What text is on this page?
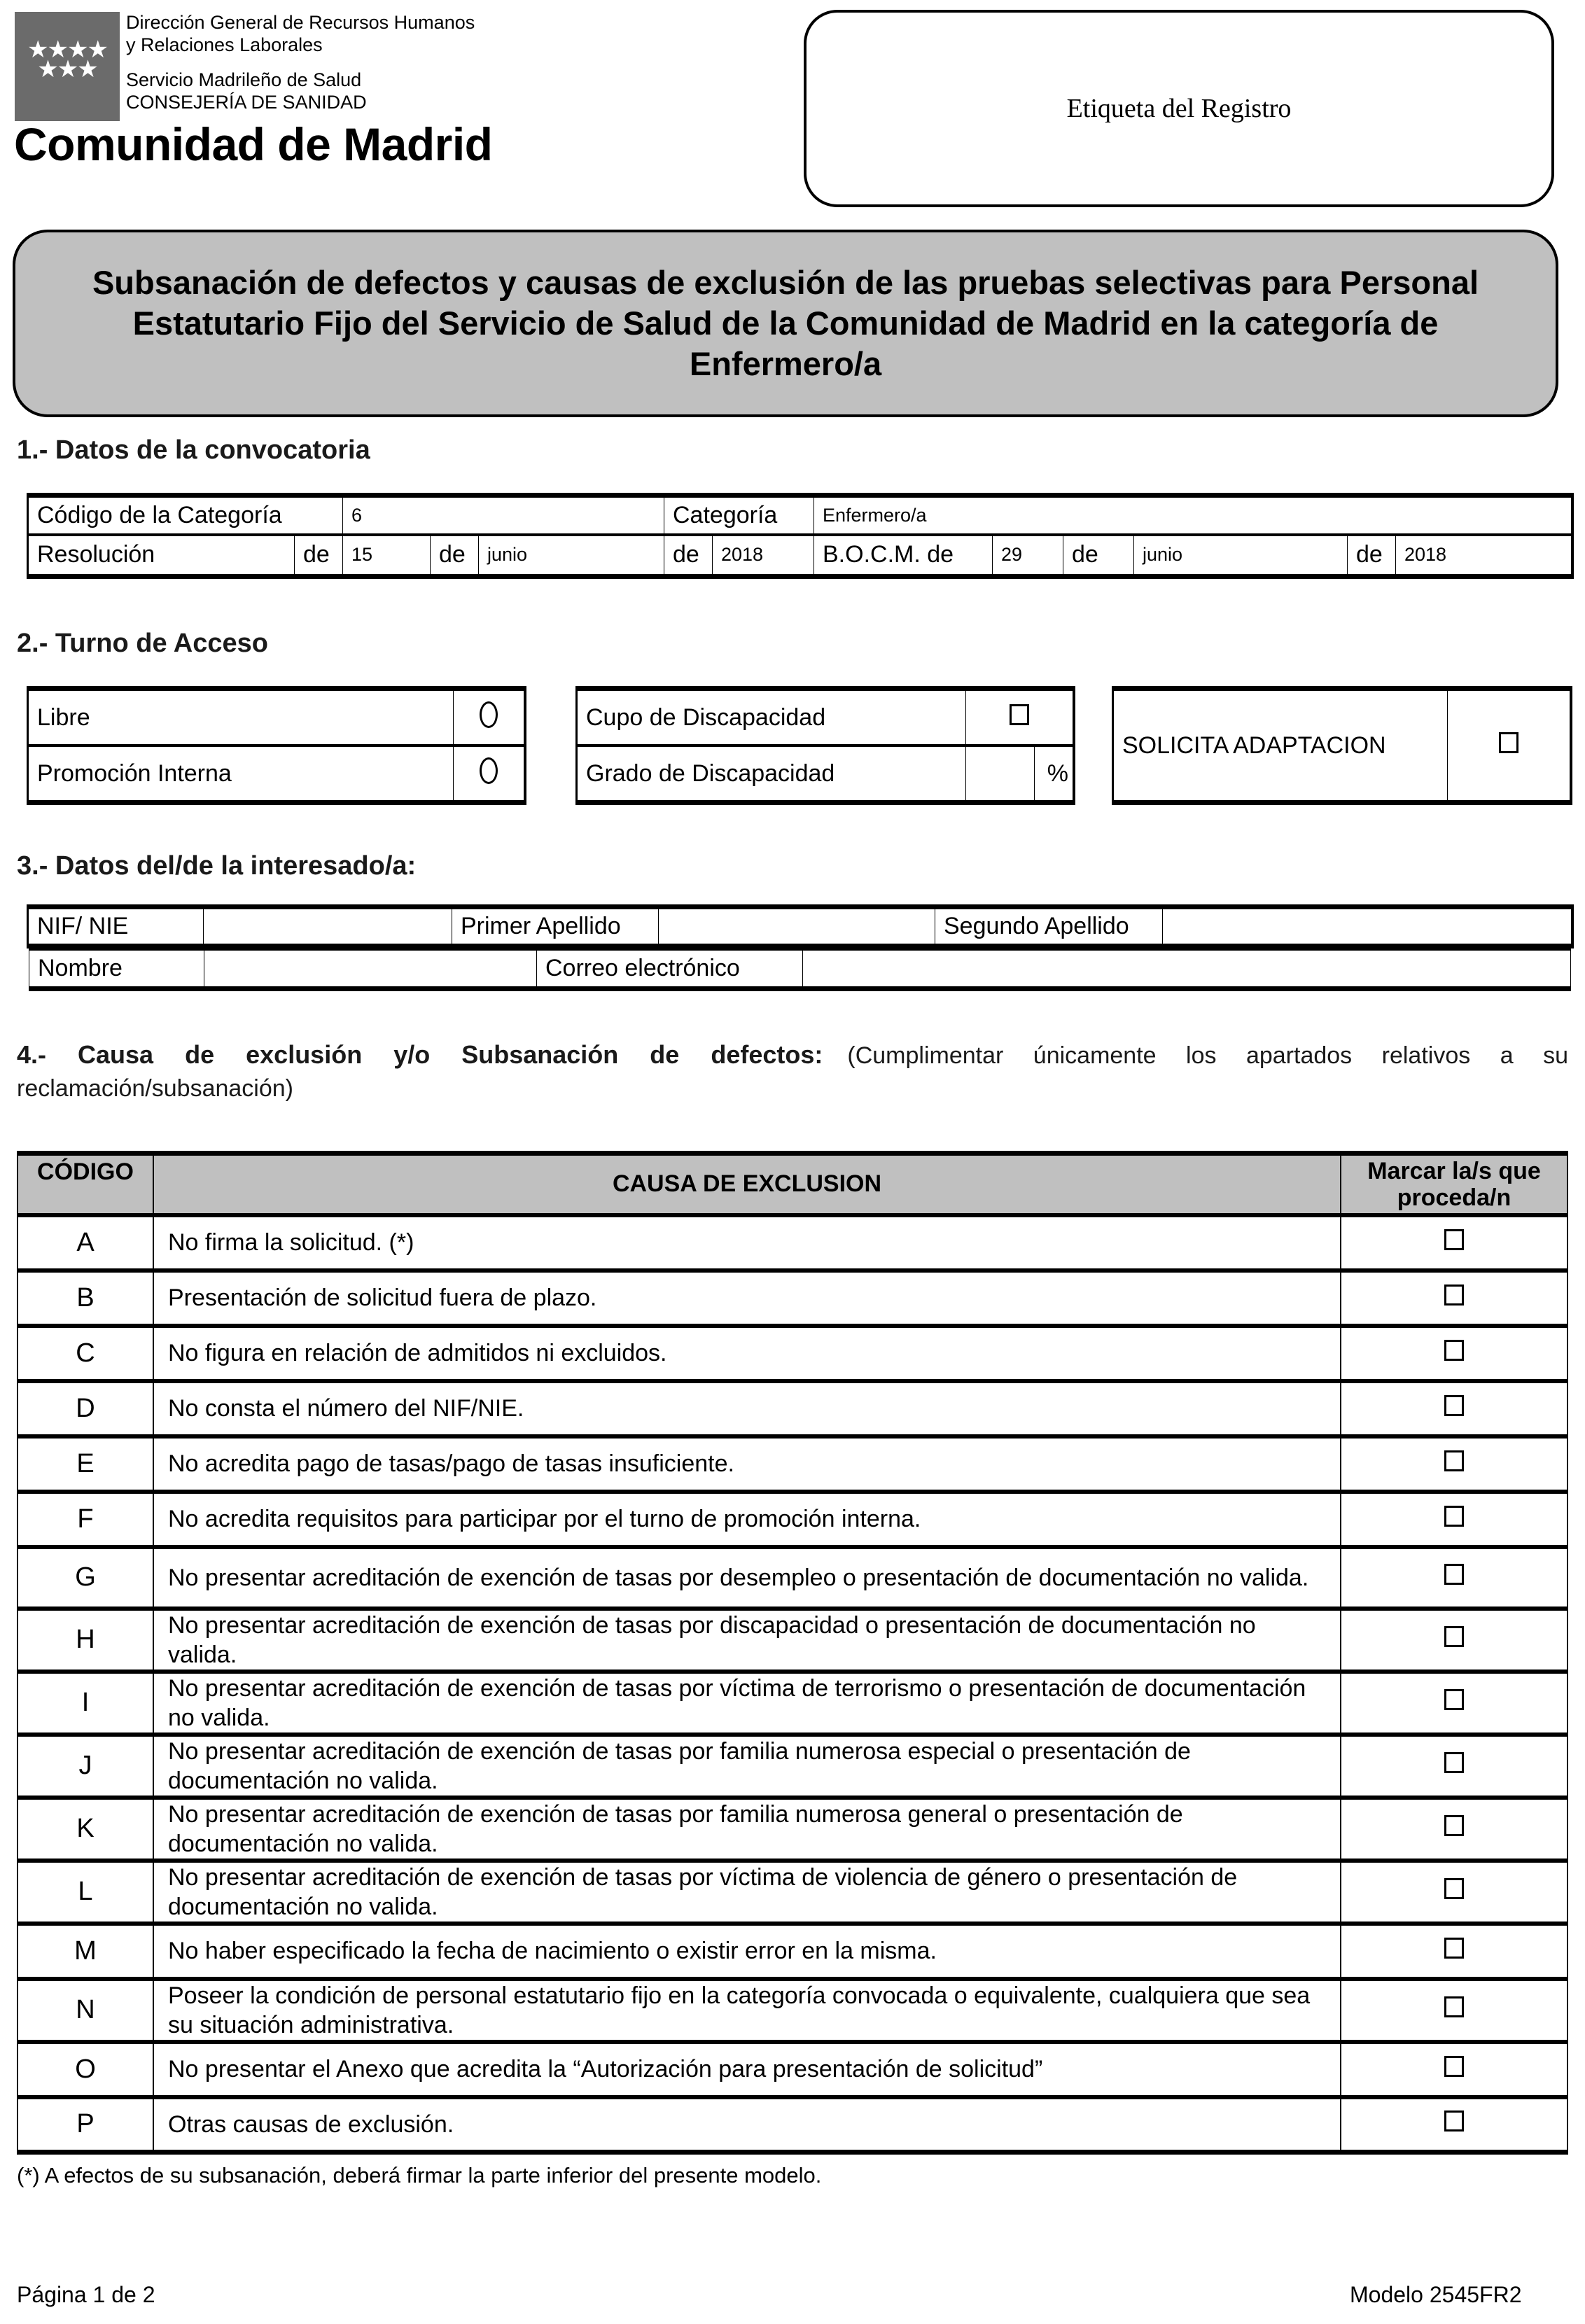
★★★★
★★★
Dirección General de Recursos Humanos
y Relaciones Laborales
Servicio Madrileño de Salud
CONSEJERÍA DE SANIDAD
Comunidad de Madrid
Etiqueta del Registro
Subsanación de defectos y causas de exclusión de las pruebas selectivas para Personal Estatutario Fijo del Servicio de Salud de la Comunidad de Madrid en la categoría de Enfermero/a
1.- Datos de la convocatoria
Código de la Categoría		6			Categoría		Enfermero/a					
Resolución	de	15	de	junio	de	2018	B.O.C.M. de	29	de	junio	de	2018
2.- Turno de Acceso
Libre	
Promoción Interna	
Cupo de Discapacidad		
Grado de Discapacidad		%
SOLICITA ADAPTACION	
3.- Datos del/de la interesado/a:
NIF/ NIE		Primer Apellido		Segundo Apellido	
Nombre		Correo electrónico	
4.- Causa de exclusión y/o Subsanación de defectos: (Cumplimentar únicamente los apartados relativos a su reclamación/subsanación)
CÓDIGO	CAUSA DE EXCLUSION	Marcar la/s que proceda/n
A	No firma la solicitud. (*)	
B	Presentación de solicitud fuera de plazo.	
C	No figura en relación de admitidos ni excluidos.	
D	No consta el número del NIF/NIE.	
E	No acredita pago de tasas/pago de tasas insuficiente.	
F	No acredita requisitos para participar por el turno de promoción interna.	
G	No presentar acreditación de exención de tasas por desempleo o presentación de documentación no valida.	
H	No presentar acreditación de exención de tasas por discapacidad o presentación de documentación no valida.	
I	No presentar acreditación de exención de tasas por víctima de terrorismo o presentación de documentación no valida.	
J	No presentar acreditación de exención de tasas por familia numerosa especial o presentación de documentación no valida.	
K	No presentar acreditación de exención de tasas por familia numerosa general o presentación de documentación no valida.	
L	No presentar acreditación de exención de tasas por víctima de violencia de género o presentación de documentación no valida.	
M	No haber especificado la fecha de nacimiento o existir error en la misma.	
N	Poseer la condición de personal estatutario fijo en la categoría convocada o equivalente, cualquiera que sea su situación administrativa.	
O	No presentar el Anexo que acredita la “Autorización para presentación de solicitud”	
P	Otras causas de exclusión.	
(*) A efectos de su subsanación, deberá firmar la parte inferior del presente modelo.
Página 1 de 2	Modelo 2545FR2
